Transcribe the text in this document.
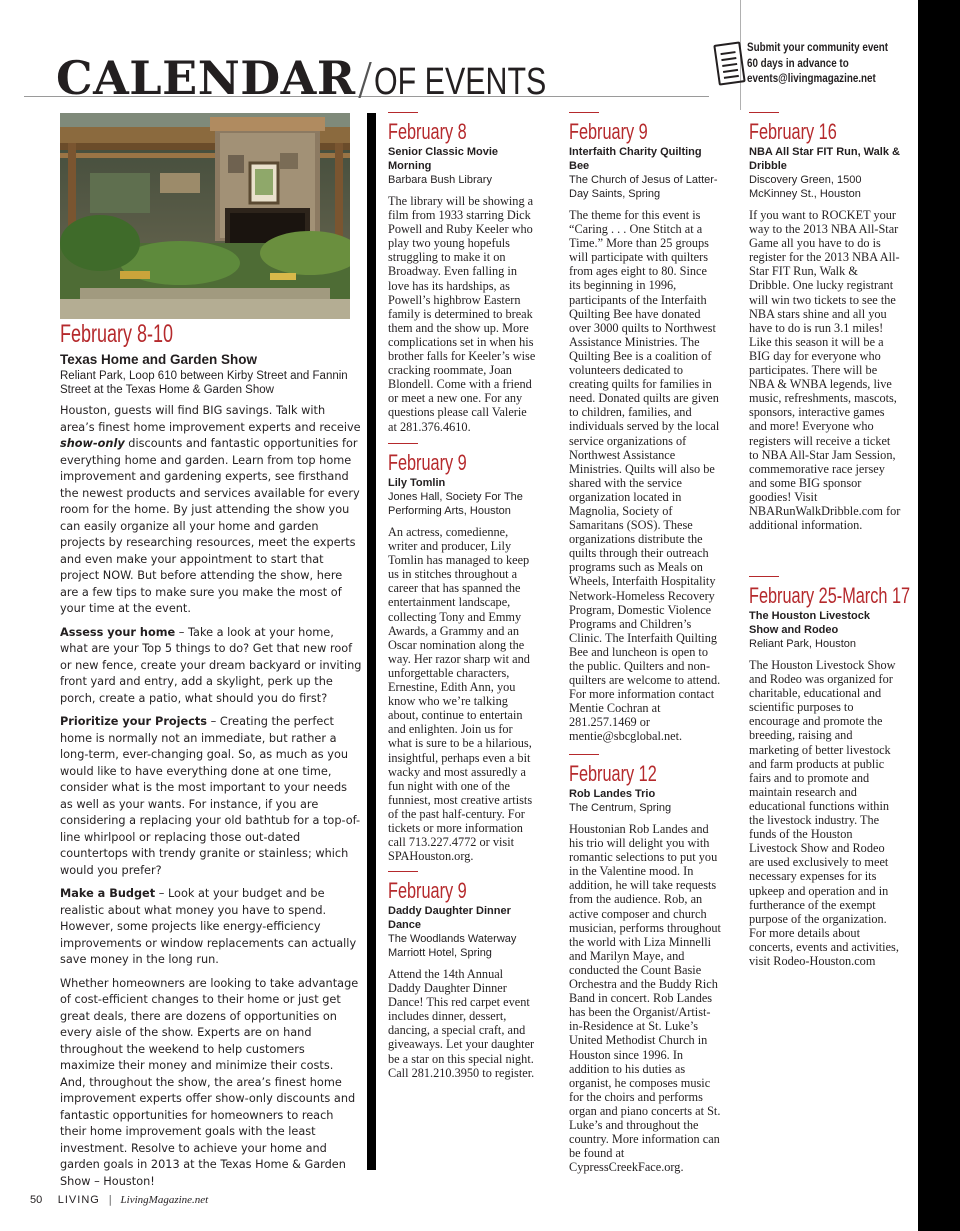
CALENDAR/OF EVENTS
Submit your community event
60 days in advance to
events@livingmagazine.net
February 8-10
Texas Home and Garden Show
Reliant Park, Loop 610 between Kirby Street and Fannin Street at the Texas Home & Garden Show

Houston, guests will find BIG savings. Talk with area’s finest home improvement experts and receive show-only discounts and fantastic opportunities for everything home and garden. Learn from top home improvement and gardening experts, see firsthand the newest products and services available for every room for the home. By just attending the show you can easily organize all your home and garden projects by researching resources, meet the experts and even make your appointment to start that project NOW. But before attending the show, here are a few tips to make sure you make the most of your time at the event.

Assess your home – Take a look at your home, what are your Top 5 things to do? Get that new roof or new fence, create your dream backyard or inviting front yard and entry, add a skylight, perk up the porch, create a patio, what should you do first?

Prioritize your Projects – Creating the perfect home is normally not an immediate, but rather a long-term, ever-changing goal. So, as much as you would like to have everything done at one time, consider what is the most important to your needs as well as your wants. For instance, if you are considering a replacing your old bathtub for a top-of-line whirlpool or replacing those out-dated countertops with trendy granite or stainless; which would you prefer?

Make a Budget – Look at your budget and be realistic about what money you have to spend. However, some projects like energy-efficiency improvements or window replacements can actually save money in the long run.

Whether homeowners are looking to take advantage of cost-efficient changes to their home or just get great deals, there are dozens of opportunities on every aisle of the show. Experts are on hand throughout the weekend to help customers maximize their money and minimize their costs. And, throughout the show, the area’s finest home improvement experts offer show-only discounts and fantastic opportunities for homeowners to reach their home improvement goals with the least investment. Resolve to achieve your home and garden goals in 2013 at the Texas Home & Garden Show – Houston!

February 8
Senior Classic Movie Morning
Barbara Bush Library
The library will be showing a film from 1933 starring Dick Powell and Ruby Keeler who play two young hopefuls struggling to make it on Broadway. Even falling in love has its hardships, as Powell’s highbrow Eastern family is determined to break them and the show up. More complications set in when his brother falls for Keeler’s wise cracking roommate, Joan Blondell. Come with a friend or meet a new one. For any questions please call Valerie at 281.376.4610.
February 9
Lily Tomlin
Jones Hall, Society For The Performing Arts, Houston
An actress, comedienne, writer and producer, Lily Tomlin has managed to keep us in stitches throughout a career that has spanned the entertainment landscape, collecting Tony and Emmy Awards, a Grammy and an Oscar nomination along the way. Her razor sharp wit and unforgettable characters, Ernestine, Edith Ann, you know who we’re talking about, continue to entertain and enlighten. Join us for what is sure to be a hilarious, insightful, perhaps even a bit wacky and most assuredly a fun night with one of the funniest, most creative artists of the past half-century. For tickets or more information call 713.227.4772 or visit SPAHouston.org.
February 9
Daddy Daughter Dinner Dance
The Woodlands Waterway Marriott Hotel, Spring
Attend the 14th Annual Daddy Daughter Dinner Dance! This red carpet event includes dinner, dessert, dancing, a special craft, and giveaways. Let your daughter be a star on this special night. Call 281.210.3950 to register.
February 9
Interfaith Charity Quilting Bee
The Church of Jesus of Latter-Day Saints, Spring
The theme for this event is “Caring . . . One Stitch at a Time.” More than 25 groups will participate with quilters from ages eight to 80. Since its beginning in 1996, participants of the Interfaith Quilting Bee have donated over 3000 quilts to Northwest Assistance Ministries. The Quilting Bee is a coalition of volunteers dedicated to creating quilts for families in need. Donated quilts are given to children, families, and individuals served by the local service organizations of Northwest Assistance Ministries. Quilts will also be shared with the service organization located in Magnolia, Society of Samaritans (SOS). These organizations distribute the quilts through their outreach programs such as Meals on Wheels, Interfaith Hospitality Network-Homeless Recovery Program, Domestic Violence Programs and Children’s Clinic. The Interfaith Quilting Bee and luncheon is open to the public. Quilters and non-quilters are welcome to attend. For more information contact Mentie Cochran at 281.257.1469 or mentie@sbcglobal.net.
February 12
Rob Landes Trio
The Centrum, Spring
Houstonian Rob Landes and his trio will delight you with romantic selections to put you in the Valentine mood. In addition, he will take requests from the audience. Rob, an active composer and church musician, performs throughout the world with Liza Minnelli and Marilyn Maye, and conducted the Count Basie Orchestra and the Buddy Rich Band in concert. Rob Landes has been the Organist/Artist-in-Residence at St. Luke’s United Methodist Church in Houston since 1996. In addition to his duties as organist, he composes music for the choirs and performs organ and piano concerts at St. Luke’s and throughout the country. More information can be found at CypressCreekFace.org.
February 16
NBA All Star FIT Run, Walk & Dribble
Discovery Green, 1500 McKinney St., Houston
If you want to ROCKET your way to the 2013 NBA All-Star Game all you have to do is register for the 2013 NBA All-Star FIT Run, Walk & Dribble. One lucky registrant will win two tickets to see the NBA stars shine and all you have to do is run 3.1 miles! Like this season it will be a BIG day for everyone who participates. There will be NBA & WNBA legends, live music, refreshments, mascots, sponsors, interactive games and more! Everyone who registers will receive a ticket to NBA All-Star Jam Session, commemorative race jersey and some BIG sponsor goodies! Visit NBARunWalkDribble.com for additional information.
February 25-March 17
The Houston Livestock Show and Rodeo
Reliant Park, Houston
The Houston Livestock Show and Rodeo was organized for charitable, educational and scientific purposes to encourage and promote the breeding, raising and marketing of better livestock and farm products at public fairs and to promote and maintain research and educational functions within the livestock industry. The funds of the Houston Livestock Show and Rodeo are used exclusively to meet necessary expenses for its upkeep and operation and in furtherance of the exempt purpose of the organization. For more details about concerts, events and activities, visit Rodeo-Houston.com
50 LIVING | LivingMagazine.net
